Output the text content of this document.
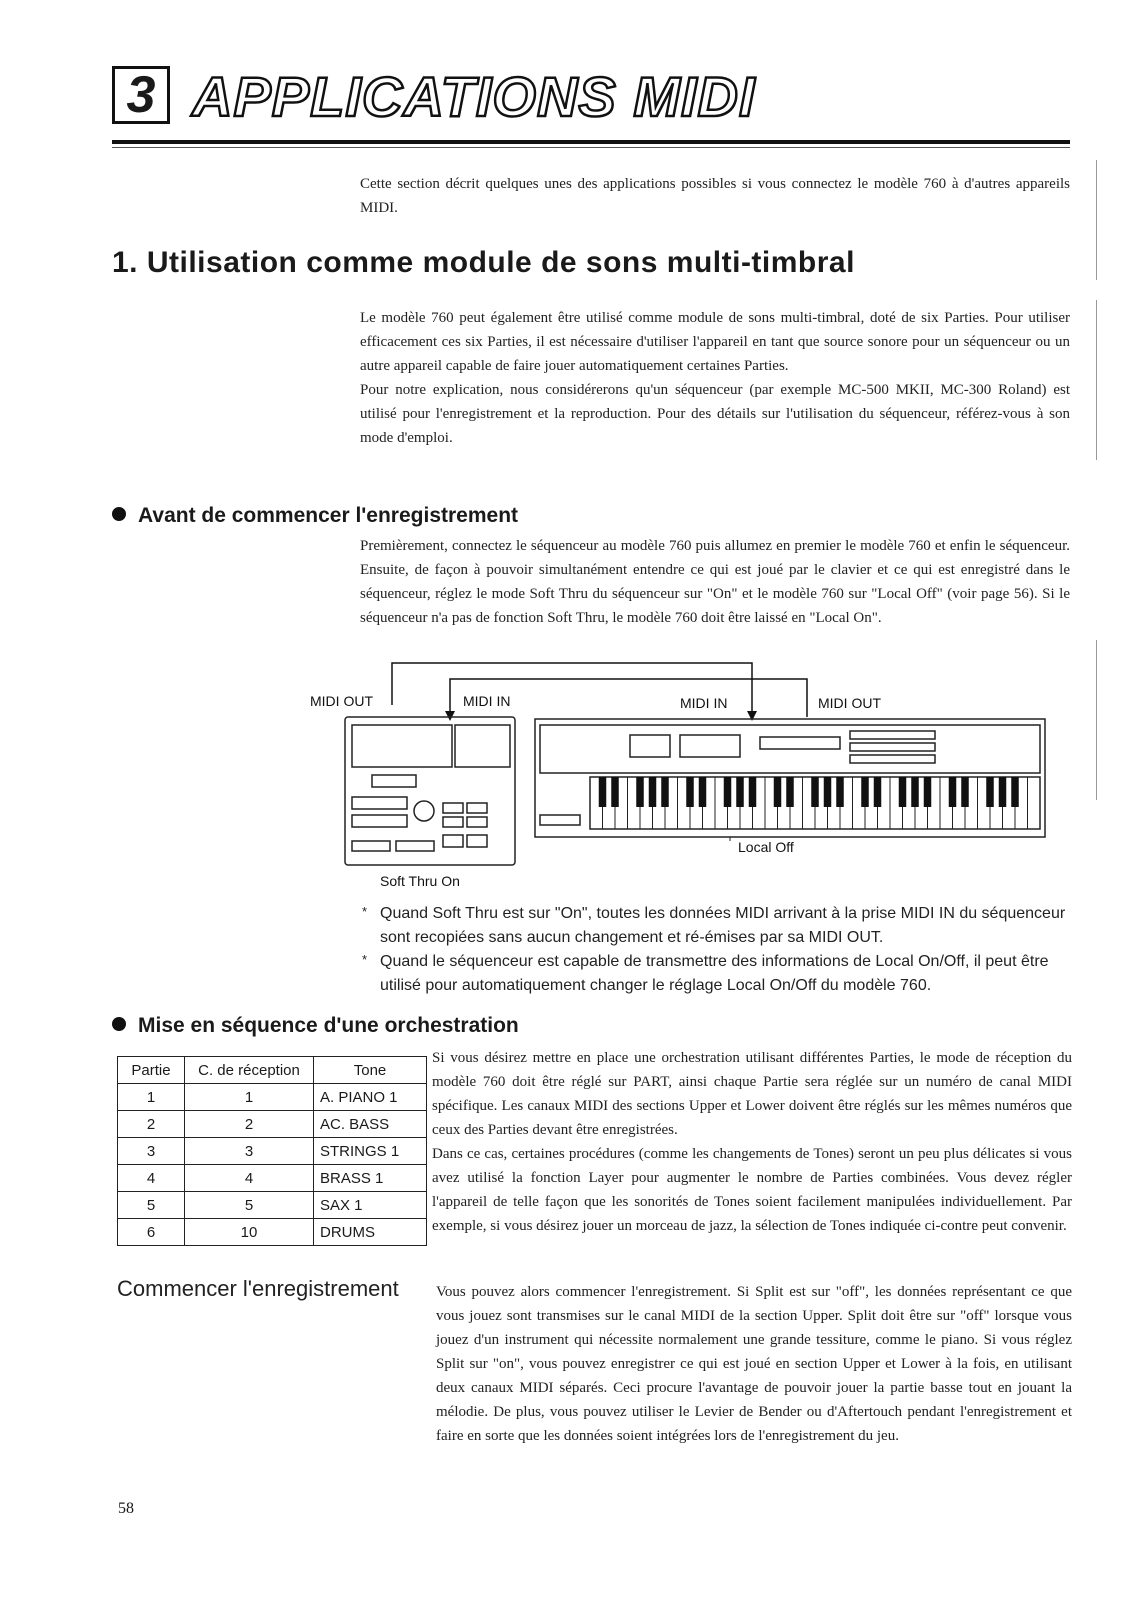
3 APPLICATIONS MIDI
Cette section décrit quelques unes des applications possibles si vous connectez le modèle 760 à d'autres appareils MIDI.
1. Utilisation comme module de sons multi-timbral
Le modèle 760 peut également être utilisé comme module de sons multi-timbral, doté de six Parties. Pour utiliser efficacement ces six Parties, il est nécessaire d'utiliser l'appareil en tant que source sonore pour un séquenceur ou un autre appareil capable de faire jouer automatiquement certaines Parties.
Pour notre explication, nous considérerons qu'un séquenceur (par exemple MC-500 MKII, MC-300 Roland) est utilisé pour l'enregistrement et la reproduction. Pour des détails sur l'utilisation du séquenceur, référez-vous à son mode d'emploi.
Avant de commencer l'enregistrement
Premièrement, connectez le séquenceur au modèle 760 puis allumez en premier le modèle 760 et enfin le séquenceur. Ensuite, de façon à pouvoir simultanément entendre ce qui est joué par le clavier et ce qui est enregistré dans le séquenceur, réglez le mode Soft Thru du séquenceur sur "On" et le modèle 760 sur "Local Off" (voir page 56). Si le séquenceur n'a pas de fonction Soft Thru, le modèle 760 doit être laissé en "Local On".
MIDI OUT	MIDI IN	MIDI IN	MIDI OUT
Soft Thru On
Local Off
* Quand Soft Thru est sur "On", toutes les données MIDI arrivant à la prise MIDI IN du séquenceur sont recopiées sans aucun changement et ré-émises par sa MIDI OUT.
* Quand le séquenceur est capable de transmettre des informations de Local On/Off, il peut être utilisé pour automatiquement changer le réglage Local On/Off du modèle 760.
Mise en séquence d'une orchestration
Partie	C. de réception	Tone
1	1	A. PIANO 1
2	2	AC. BASS
3	3	STRINGS 1
4	4	BRASS 1
5	5	SAX 1
6	10	DRUMS
Si vous désirez mettre en place une orchestration utilisant différentes Parties, le mode de réception du modèle 760 doit être réglé sur PART, ainsi chaque Partie sera réglée sur un numéro de canal MIDI spécifique. Les canaux MIDI des sections Upper et Lower doivent être réglés sur les mêmes numéros que ceux des Parties devant être enregistrées.
Dans ce cas, certaines procédures (comme les changements de Tones) seront un peu plus délicates si vous avez utilisé la fonction Layer pour augmenter le nombre de Parties combinées. Vous devez régler l'appareil de telle façon que les sonorités de Tones soient facilement manipulées individuellement. Par exemple, si vous désirez jouer un morceau de jazz, la sélection de Tones indiquée ci-contre peut convenir.
Commencer l'enregistrement Vous pouvez alors commencer l'enregistrement. Si Split est sur "off", les données représentant ce que vous jouez sont transmises sur le canal MIDI de la section Upper. Split doit être sur "off" lorsque vous jouez d'un instrument qui nécessite normalement une grande tessiture, comme le piano. Si vous réglez Split sur "on", vous pouvez enregistrer ce qui est joué en section Upper et Lower à la fois, en utilisant deux canaux MIDI séparés. Ceci procure l'avantage de pouvoir jouer la partie basse tout en jouant la mélodie. De plus, vous pouvez utiliser le Levier de Bender ou d'Aftertouch pendant l'enregistrement et faire en sorte que les données soient intégrées lors de l'enregistrement du jeu.
58
